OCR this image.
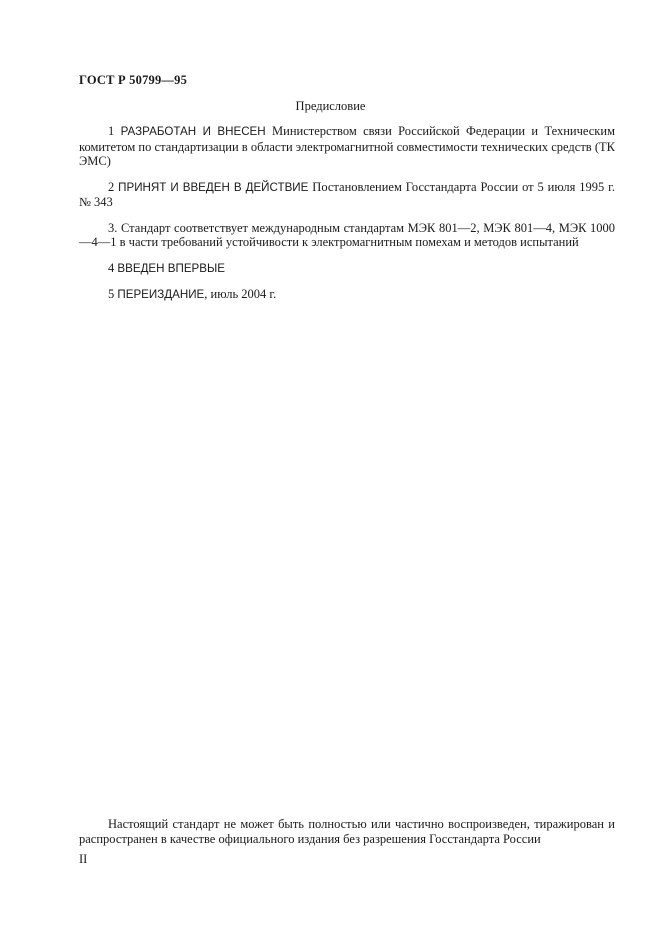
ГОСТ Р 50799—95
Предисловие

1 РАЗРАБОТАН И ВНЕСЕН Министерством связи Российской Федерации и Техническим комитетом по стандартизации в области электромагнитной совместимости технических средств (ТК ЭМС)

2 ПРИНЯТ И ВВЕДЕН В ДЕЙСТВИЕ Постановлением Госстандарта России от 5 июля 1995 г. № 343

3. Стандарт соответствует международным стандартам МЭК 801—2, МЭК 801—4, МЭК 1000—4—1 в части требований устойчивости к электромагнитным помехам и методов испытаний

4 ВВЕДЕН ВПЕРВЫЕ

5 ПЕРЕИЗДАНИЕ, июль 2004 г.

Настоящий стандарт не может быть полностью или частично воспроизведен, тиражирован и распространен в качестве официального издания без разрешения Госстандарта России

II
